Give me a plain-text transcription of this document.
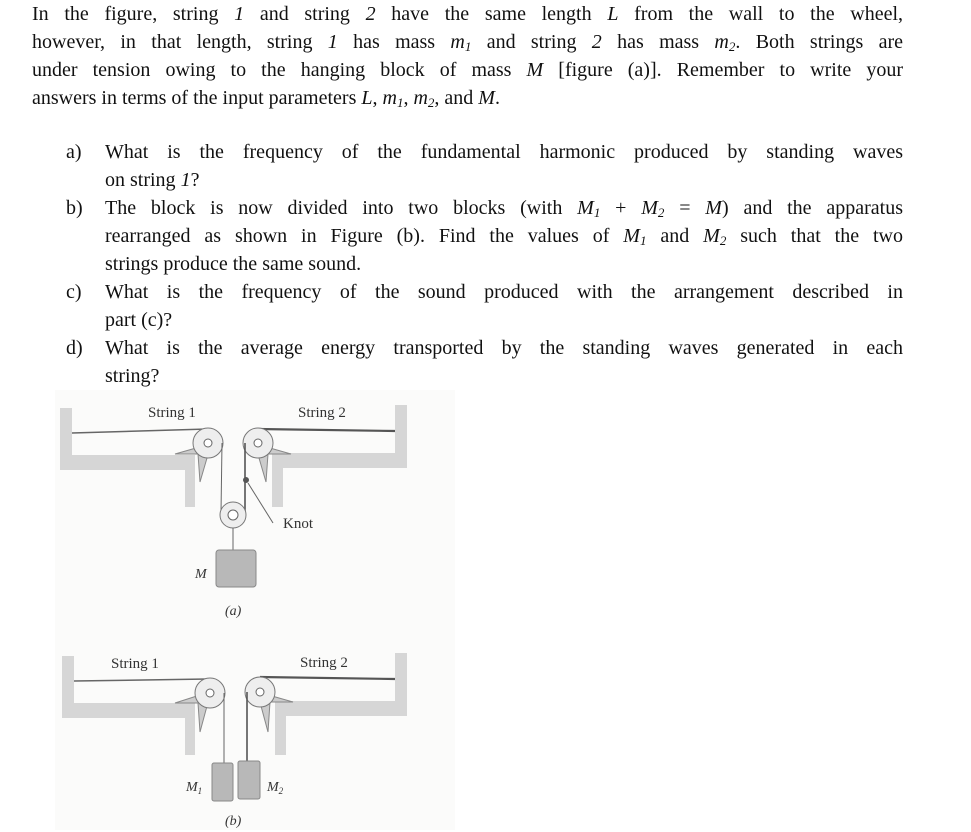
In the figure, string 1 and string 2 have the same length L from the wall to the wheel,
however, in that length, string 1 has mass $m_1$ and string 2 has mass $m_2$. Both strings are
under tension owing to the hanging block of mass M [figure (a)]. Remember to write your
answers in terms of the input parameters L, $m_1$, $m_2$, and M.
a) What is the frequency of the fundamental harmonic produced by standing waves
on string 1?
b) The block is now divided into two blocks (with $M_1 + M_2 = M$) and the apparatus
rearranged as shown in Figure (b). Find the values of $M_1$ and $M_2$ such that the two
strings produce the same sound.
c) What is the frequency of the sound produced with the arrangement described in
part (c)?
d) What is the average energy transported by the standing waves generated in each
string?
String 1	String 2
Knot
M
(a)
String 1	String 2
$M_1$	$M_2$
(b)
